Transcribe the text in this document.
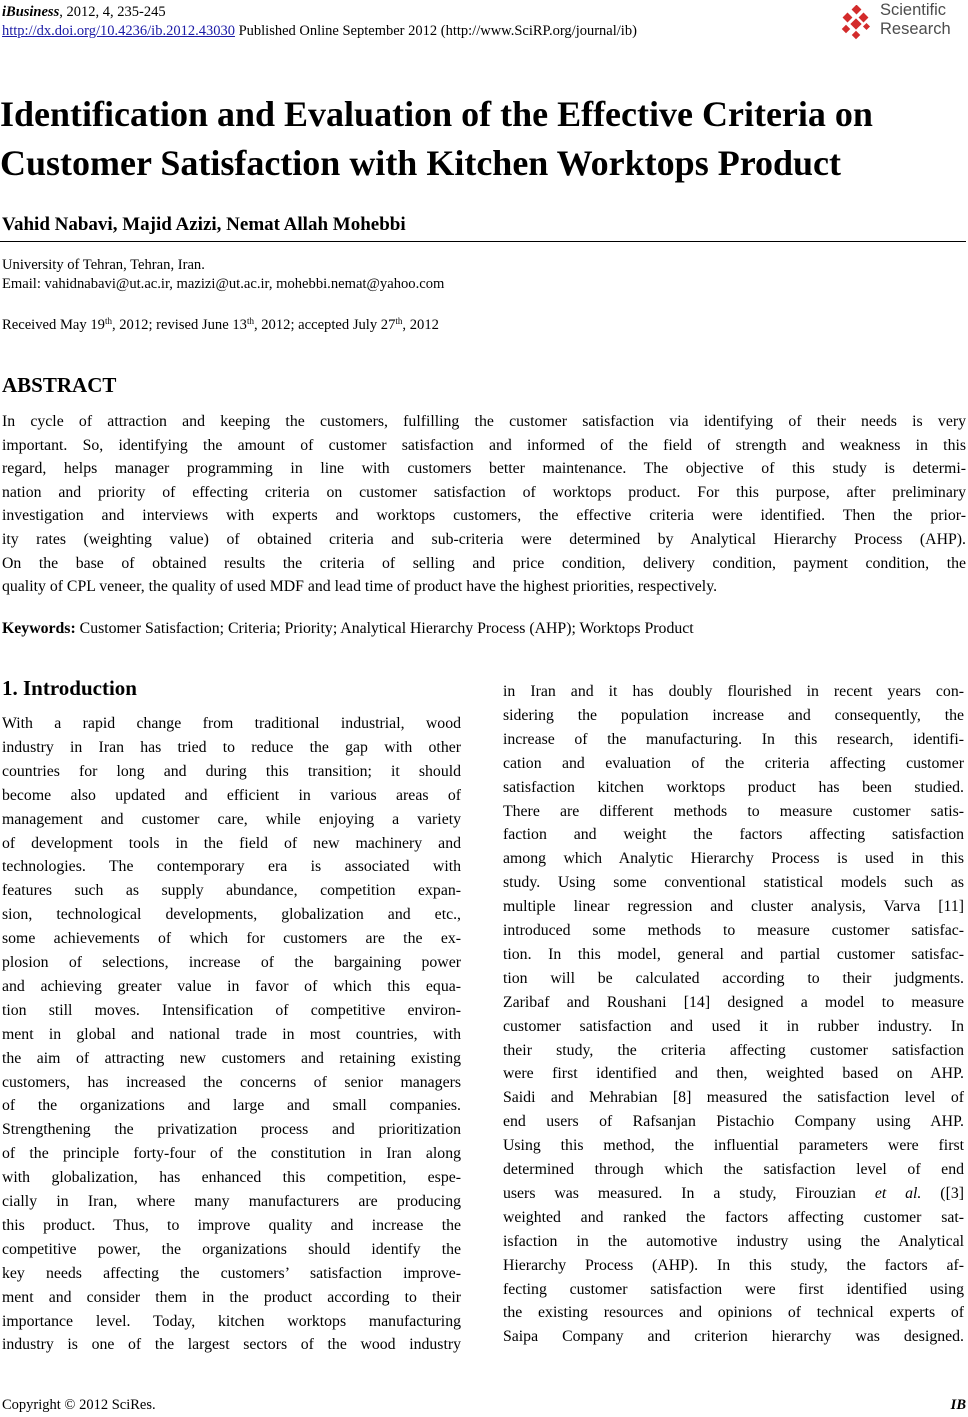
iBusiness, 2012, 4, 235-245
http://dx.doi.org/10.4236/ib.2012.43030 Published Online September 2012 (http://www.SciRP.org/journal/ib)
Scientific
Research
Identification and Evaluation of the Effective Criteria on Customer Satisfaction with Kitchen Worktops Product
Vahid Nabavi, Majid Azizi, Nemat Allah Mohebbi
University of Tehran, Tehran, Iran.
Email: vahidnabavi@ut.ac.ir, mazizi@ut.ac.ir, mohebbi.nemat@yahoo.com
Received May 19th, 2012; revised June 13th, 2012; accepted July 27th, 2012
ABSTRACT
In cycle of attraction and keeping the customers, fulfilling the customer satisfaction via identifying of their needs is very
important. So, identifying the amount of customer satisfaction and informed of the field of strength and weakness in this
regard, helps manager programming in line with customers better maintenance. The objective of this study is determi-
nation and priority of effecting criteria on customer satisfaction of worktops product. For this purpose, after preliminary
investigation and interviews with experts and worktops customers, the effective criteria were identified. Then the prior-
ity rates (weighting value) of obtained criteria and sub-criteria were determined by Analytical Hierarchy Process (AHP).
On the base of obtained results the criteria of selling and price condition, delivery condition, payment condition, the
quality of CPL veneer, the quality of used MDF and lead time of product have the highest priorities, respectively.
Keywords: Customer Satisfaction; Criteria; Priority; Analytical Hierarchy Process (AHP); Worktops Product
1. Introduction
With a rapid change from traditional industrial, wood
industry in Iran has tried to reduce the gap with other
countries for long and during this transition; it should
become also updated and efficient in various areas of
management and customer care, while enjoying a variety
of development tools in the field of new machinery and
technologies. The contemporary era is associated with
features such as supply abundance, competition expan-
sion, technological developments, globalization and etc.,
some achievements of which for customers are the ex-
plosion of selections, increase of the bargaining power
and achieving greater value in favor of which this equa-
tion still moves. Intensification of competitive environ-
ment in global and national trade in most countries, with
the aim of attracting new customers and retaining existing
customers, has increased the concerns of senior managers
of the organizations and large and small companies.
Strengthening the privatization process and prioritization
of the principle forty-four of the constitution in Iran along
with globalization, has enhanced this competition, espe-
cially in Iran, where many manufacturers are producing
this product. Thus, to improve quality and increase the
competitive power, the organizations should identify the
key needs affecting the customers’ satisfaction improve-
ment and consider them in the product according to their
importance level. Today, kitchen worktops manufacturing
industry is one of the largest sectors of the wood industry
in Iran and it has doubly flourished in recent years con-
sidering the population increase and consequently, the
increase of the manufacturing. In this research, identifi-
cation and evaluation of the criteria affecting customer
satisfaction kitchen worktops product has been studied.
There are different methods to measure customer satis-
faction and weight the factors affecting satisfaction
among which Analytic Hierarchy Process is used in this
study. Using some conventional statistical models such as
multiple linear regression and cluster analysis, Varva [11]
introduced some methods to measure customer satisfac-
tion. In this model, general and partial customer satisfac-
tion will be calculated according to their judgments.
Zaribaf and Roushani [14] designed a model to measure
customer satisfaction and used it in rubber industry. In
their study, the criteria affecting customer satisfaction
were first identified and then, weighted based on AHP.
Saidi and Mehrabian [8] measured the satisfaction level of
end users of Rafsanjan Pistachio Company using AHP.
Using this method, the influential parameters were first
determined through which the satisfaction level of end
users was measured. In a study, Firouzian et al. ([3]
weighted and ranked the factors affecting customer sat-
isfaction in the automotive industry using the Analytical
Hierarchy Process (AHP). In this study, the factors af-
fecting customer satisfaction were first identified using
the existing resources and opinions of technical experts of
Saipa Company and criterion hierarchy was designed.
Copyright © 2012 SciRes.	IB
